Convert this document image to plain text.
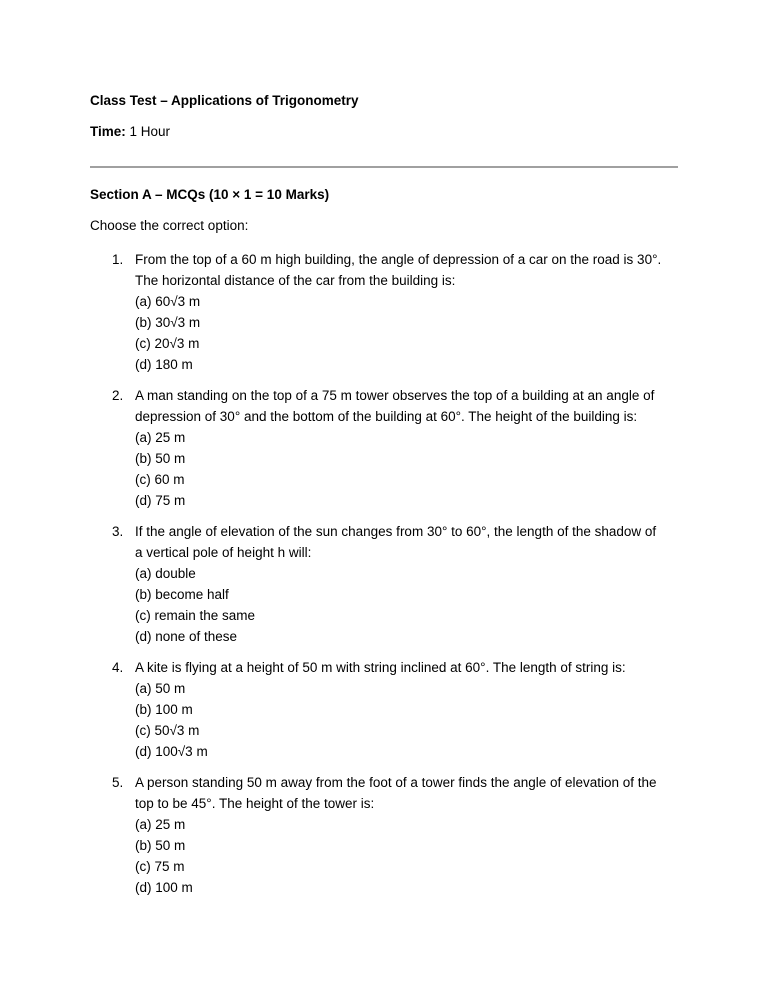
Class Test – Applications of Trigonometry
Time: 1 Hour
Section A – MCQs (10 × 1 = 10 Marks)
Choose the correct option:
1. From the top of a 60 m high building, the angle of depression of a car on the road is 30°.
The horizontal distance of the car from the building is:
(a) 60√3 m
(b) 30√3 m
(c) 20√3 m
(d) 180 m
2. A man standing on the top of a 75 m tower observes the top of a building at an angle of
depression of 30° and the bottom of the building at 60°. The height of the building is:
(a) 25 m
(b) 50 m
(c) 60 m
(d) 75 m
3. If the angle of elevation of the sun changes from 30° to 60°, the length of the shadow of
a vertical pole of height h will:
(a) double
(b) become half
(c) remain the same
(d) none of these
4. A kite is flying at a height of 50 m with string inclined at 60°. The length of string is:
(a) 50 m
(b) 100 m
(c) 50√3 m
(d) 100√3 m
5. A person standing 50 m away from the foot of a tower finds the angle of elevation of the
top to be 45°. The height of the tower is:
(a) 25 m
(b) 50 m
(c) 75 m
(d) 100 m
